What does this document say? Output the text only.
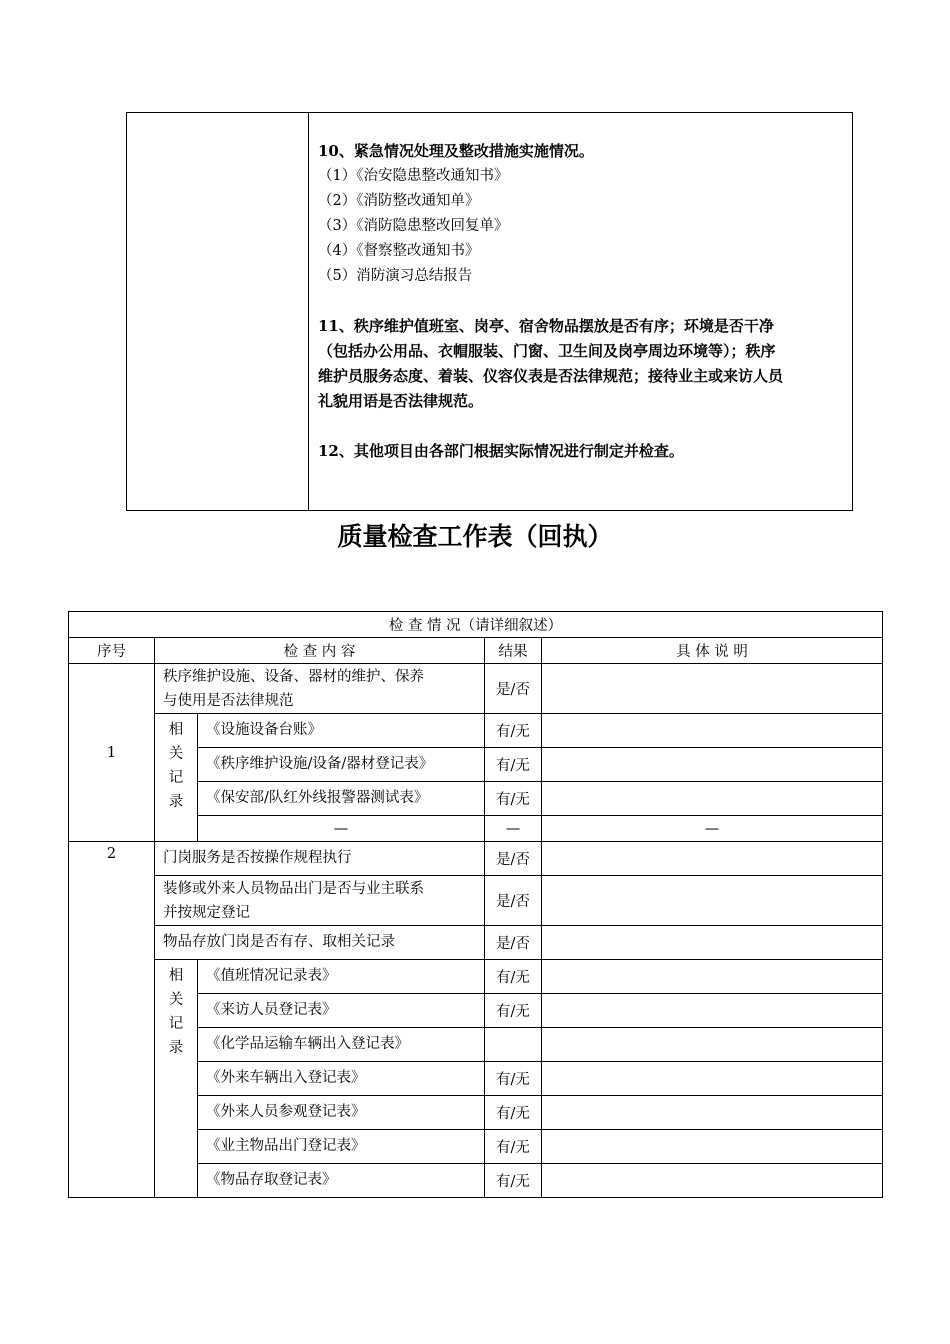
10、紧急情况处理及整改措施实施情况。

（1）《治安隐患整改通知书》

（2）《消防整改通知单》

（3）《消防隐患整改回复单》

（4）《督察整改通知书》

（5）消防演习总结报告

11、秩序维护值班室、岗亭、宿舍物品摆放是否有序；环境是否干净

（包括办公用品、衣帽服装、门窗、卫生间及岗亭周边环境等）；秩序

维护员服务态度、着装、仪容仪表是否法律规范；接待业主或来访人员

礼貌用语是否法律规范。

12、其他项目由各部门根据实际情况进行制定并检查。

质量检查工作表（回执）
检 查 情 况（请详细叙述）				
序号	检 查 内 容		结果	具 体 说 明
1	秩序维护设施、设备、器材的维护、保养
与使用是否法律规范		是/否	

	相
关
记
录	《设施设备台账》	有/无	
		《秩序维护设施/设备/器材登记表》	有/无	
		《保安部/队红外线报警器测试表》	有/无	
		—	—	—
2	门岗服务是否按操作规程执行		是/否	
	装修或外来人员物品出门是否与业主联系
并按规定登记		是/否	
	物品存放门岗是否有存、取相关记录		是/否	

	相
关
记
录	《值班情况记录表》	有/无	
		《来访人员登记表》	有/无	
		《化学品运输车辆出入登记表》		
		《外来车辆出入登记表》	有/无	
		《外来人员参观登记表》	有/无	
		《业主物品出门登记表》	有/无	
		《物品存取登记表》	有/无	
